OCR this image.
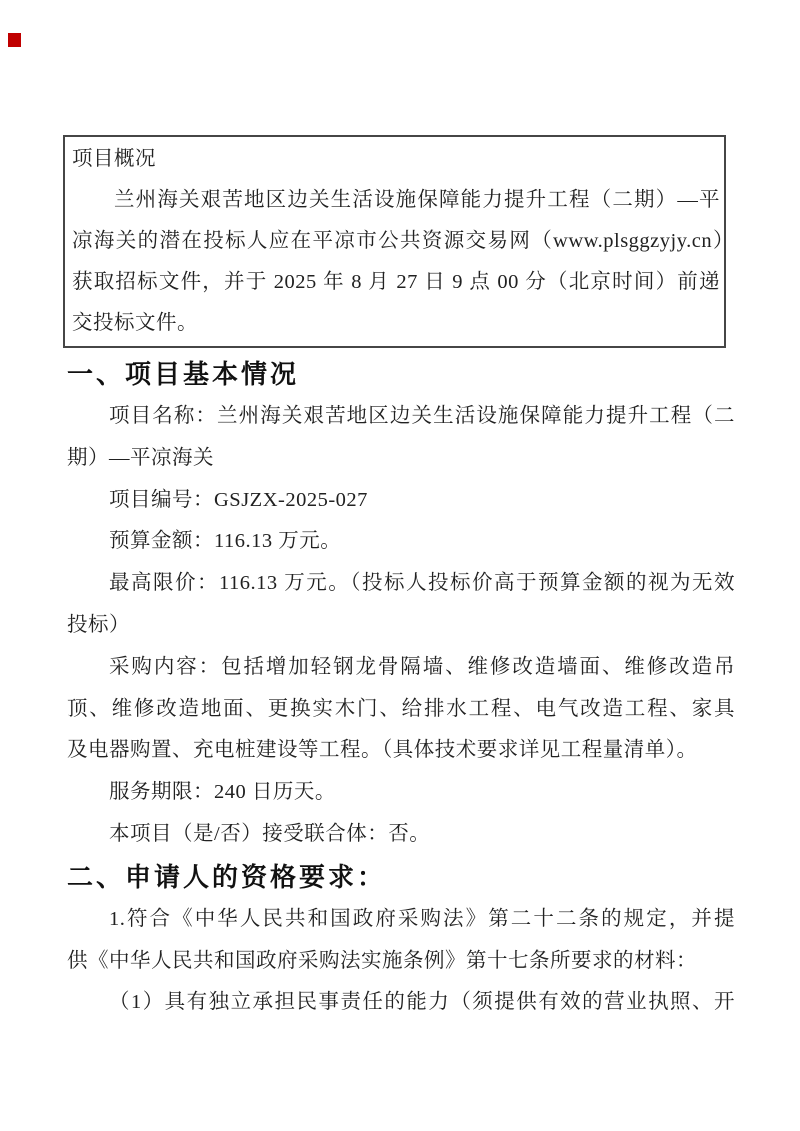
项目概况
兰州海关艰苦地区边关生活设施保障能力提升工程（二期）—平
凉海关的潜在投标人应在平凉市公共资源交易网（www.plsggzyjy.cn）
获取招标文件，并于 2025 年 8 月 27 日 9 点 00 分（北京时间）前递
交投标文件。
一、项目基本情况
项目名称：兰州海关艰苦地区边关生活设施保障能力提升工程（二
期）—平凉海关
项目编号：GSJZX-2025-027
预算金额：116.13 万元。
最高限价：116.13 万元。（投标人投标价高于预算金额的视为无效
投标）
采购内容：包括增加轻钢龙骨隔墙、维修改造墙面、维修改造吊
顶、维修改造地面、更换实木门、给排水工程、电气改造工程、家具
及电器购置、充电桩建设等工程。（具体技术要求详见工程量清单）。
服务期限：240 日历天。
本项目（是/否）接受联合体：否。
二、申请人的资格要求：
1.符合《中华人民共和国政府采购法》第二十二条的规定，并提
供《中华人民共和国政府采购法实施条例》第十七条所要求的材料：
（1）具有独立承担民事责任的能力（须提供有效的营业执照、开
